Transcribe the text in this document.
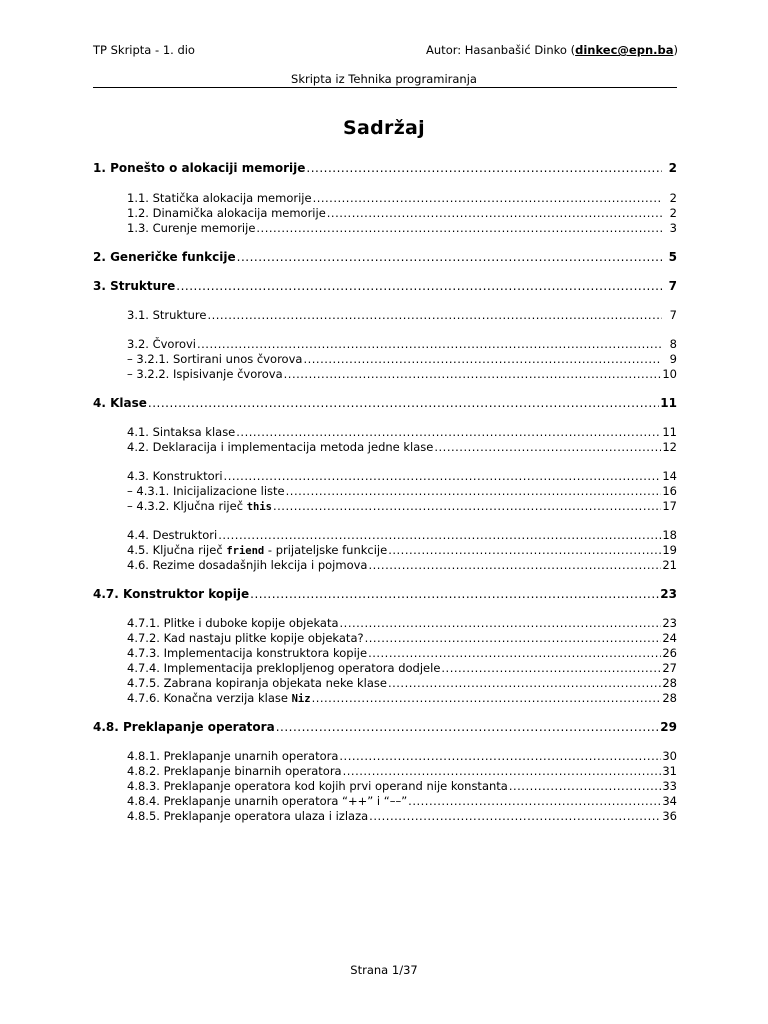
TP Skripta - 1. dio	Autor: Hasanbašić Dinko (dinkec@epn.ba)
Skripta iz Tehnika programiranja
Sadržaj
1. Ponešto o alokaciji memorije .....	2
1.1. Statička alokacija memorije .....	2
1.2. Dinamička alokacija memorije .....	2
1.3. Curenje memorije .....	3
2. Generičke funkcije .....	5
3. Strukture .....	7
3.1. Strukture .....	7
3.2. Čvorovi .....	8
– 3.2.1. Sortirani unos čvorova .....	9
– 3.2.2. Ispisivanje čvorova .....	10
4. Klase .....	11
4.1. Sintaksa klase .....	11
4.2. Deklaracija i implementacija metoda jedne klase .....	12
4.3. Konstruktori .....	14
– 4.3.1. Inicijalizacione liste .....	16
– 4.3.2. Ključna riječ this .....	17
4.4. Destruktori .....	18
4.5. Ključna riječ friend - prijateljske funkcije .....	19
4.6. Rezime dosadašnjih lekcija i pojmova .....	21
4.7. Konstruktor kopije .....	23
4.7.1. Plitke i duboke kopije objekata .....	23
4.7.2. Kad nastaju plitke kopije objekata? .....	24
4.7.3. Implementacija konstruktora kopije .....	26
4.7.4. Implementacija preklopljenog operatora dodjele .....	27
4.7.5. Zabrana kopiranja objekata neke klase .....	28
4.7.6. Konačna verzija klase Niz .....	28
4.8. Preklapanje operatora .....	29
4.8.1. Preklapanje unarnih operatora .....	30
4.8.2. Preklapanje binarnih operatora .....	31
4.8.3. Preklapanje operatora kod kojih prvi operand nije konstanta .....	33
4.8.4. Preklapanje unarnih operatora “++” i “––” .....	34
4.8.5. Preklapanje operatora ulaza i izlaza .....	36
Strana 1/37
